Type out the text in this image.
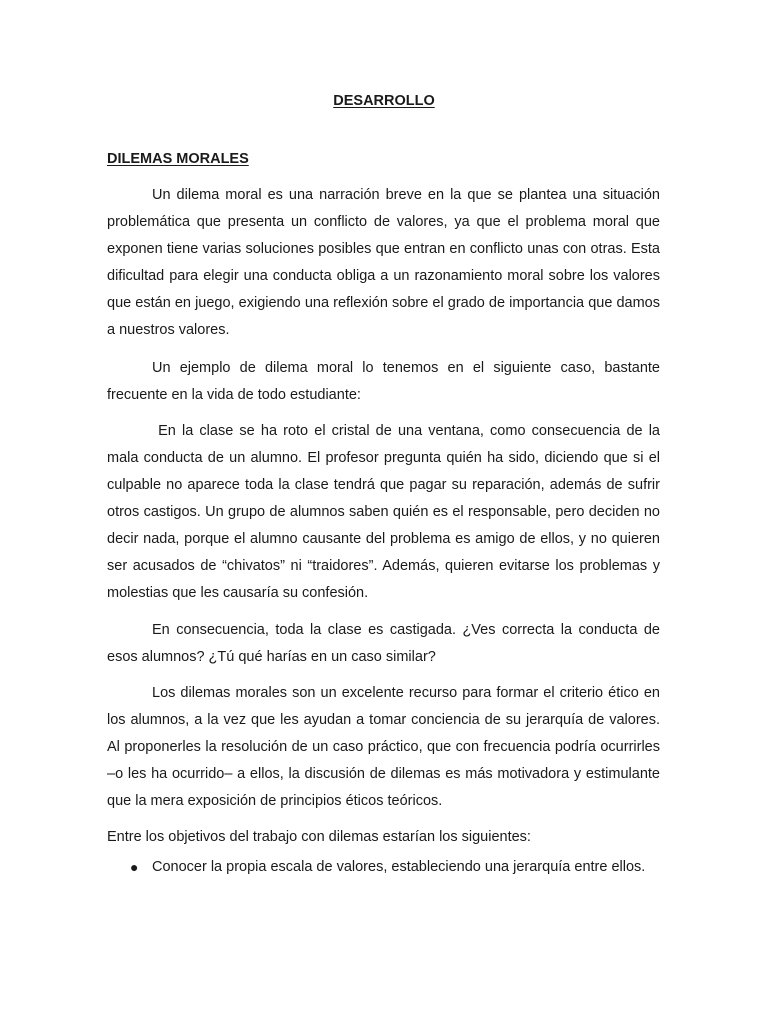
DESARROLLO
DILEMAS MORALES

Un dilema moral es una narración breve en la que se plantea una situación problemática que presenta un conflicto de valores, ya que el problema moral que exponen tiene varias soluciones posibles que entran en conflicto unas con otras. Esta dificultad para elegir una conducta obliga a un razonamiento moral sobre los valores que están en juego, exigiendo una reflexión sobre el grado de importancia que damos a nuestros valores.

Un ejemplo de dilema moral lo tenemos en el siguiente caso, bastante frecuente en la vida de todo estudiante:

En la clase se ha roto el cristal de una ventana, como consecuencia de la mala conducta de un alumno. El profesor pregunta quién ha sido, diciendo que si el culpable no aparece toda la clase tendrá que pagar su reparación, además de sufrir otros castigos. Un grupo de alumnos saben quién es el responsable, pero deciden no decir nada, porque el alumno causante del problema es amigo de ellos, y no quieren ser acusados de “chivatos” ni “traidores”. Además, quieren evitarse los problemas y molestias que les causaría su confesión.

En consecuencia, toda la clase es castigada. ¿Ves correcta la conducta de esos alumnos? ¿Tú qué harías en un caso similar?

Los dilemas morales son un excelente recurso para formar el criterio ético en los alumnos, a la vez que les ayudan a tomar conciencia de su jerarquía de valores. Al proponerles la resolución de un caso práctico, que con frecuencia podría ocurrirles –o les ha ocurrido– a ellos, la discusión de dilemas es más motivadora y estimulante que la mera exposición de principios éticos teóricos.

Entre los objetivos del trabajo con dilemas estarían los siguientes:

● Conocer la propia escala de valores, estableciendo una jerarquía entre ellos.
